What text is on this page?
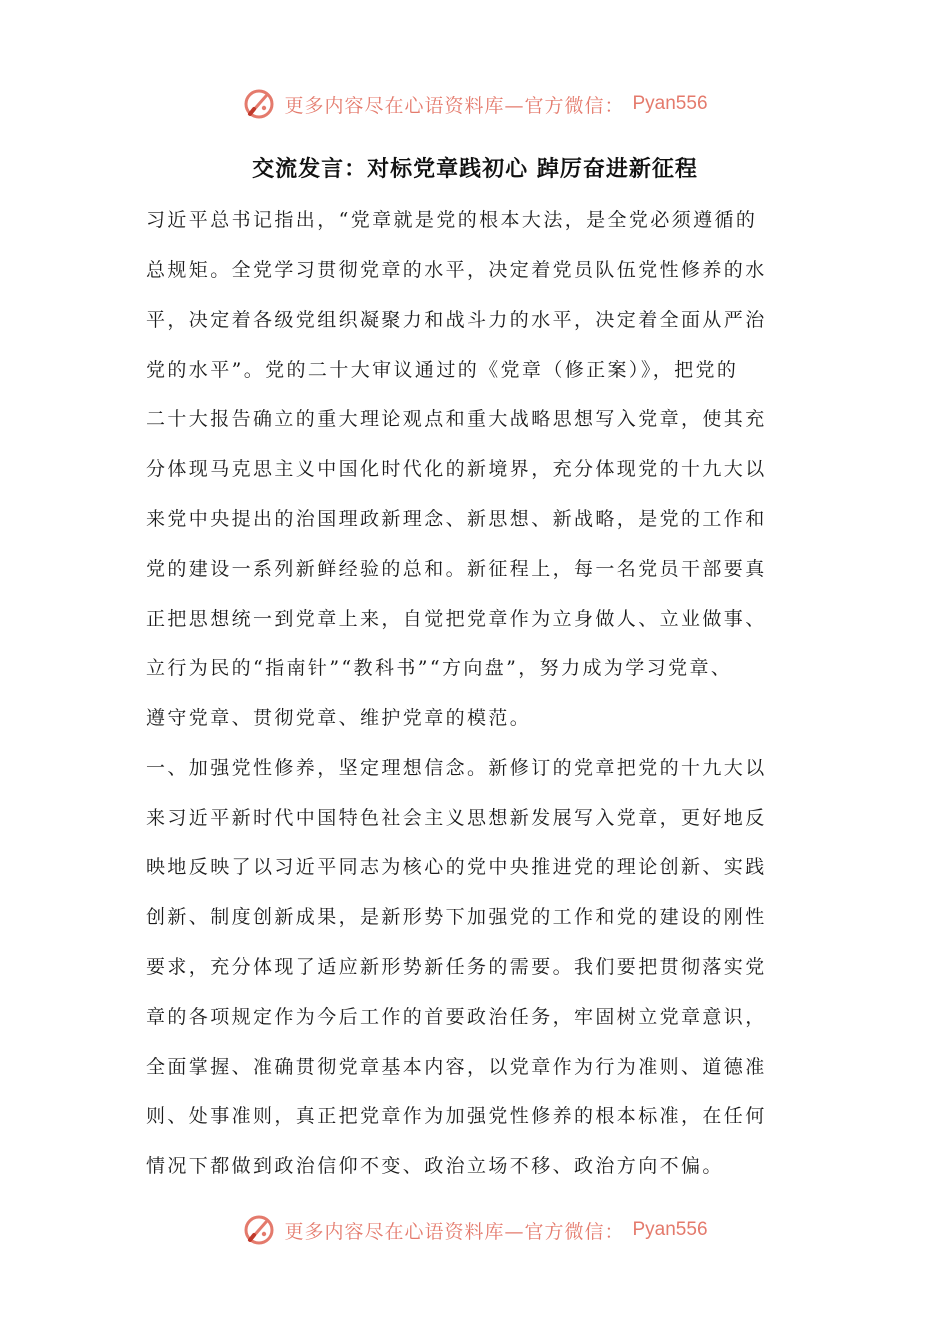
更多内容尽在心语资料库—官方微信： Pyan556
交流发言：对标党章践初心 踔厉奋进新征程
习近平总书记指出，“党章就是党的根本大法，是全党必须遵循的
总规矩。全党学习贯彻党章的水平，决定着党员队伍党性修养的水
平，决定着各级党组织凝聚力和战斗力的水平，决定着全面从严治
党的水平”。党的二十大审议通过的《党章（修正案）》，把党的
二十大报告确立的重大理论观点和重大战略思想写入党章，使其充
分体现马克思主义中国化时代化的新境界，充分体现党的十九大以
来党中央提出的治国理政新理念、新思想、新战略，是党的工作和
党的建设一系列新鲜经验的总和。新征程上，每一名党员干部要真
正把思想统一到党章上来，自觉把党章作为立身做人、立业做事、
立行为民的“指南针”“教科书”“方向盘”，努力成为学习党章、
遵守党章、贯彻党章、维护党章的模范。
一、加强党性修养，坚定理想信念。新修订的党章把党的十九大以
来习近平新时代中国特色社会主义思想新发展写入党章，更好地反
映地反映了以习近平同志为核心的党中央推进党的理论创新、实践
创新、制度创新成果，是新形势下加强党的工作和党的建设的刚性
要求，充分体现了适应新形势新任务的需要。我们要把贯彻落实党
章的各项规定作为今后工作的首要政治任务，牢固树立党章意识，
全面掌握、准确贯彻党章基本内容，以党章作为行为准则、道德准
则、处事准则，真正把党章作为加强党性修养的根本标准，在任何
情况下都做到政治信仰不变、政治立场不移、政治方向不偏。
更多内容尽在心语资料库—官方微信： Pyan556
